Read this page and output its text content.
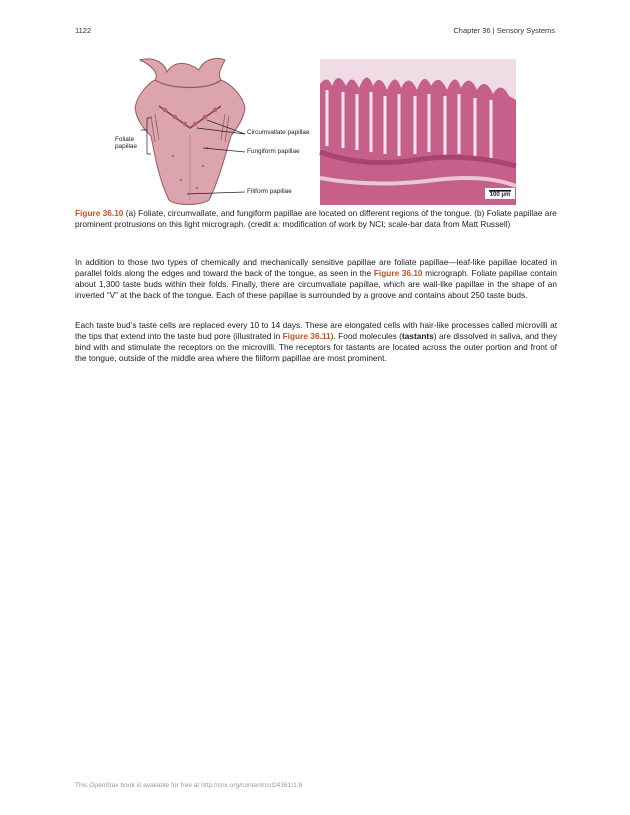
1122	Chapter 36 | Sensory Systems
Foliate papillae
Circumvallate papillae
Fungiform papillae
Filiform papillae	100 μm
Figure 36.10 (a) Foliate, circumvallate, and fungiform papillae are located on different regions of the tongue. (b) Foliate papillae are prominent protrusions on this light micrograph. (credit a: modification of work by NCI; scale-bar data from Matt Russell)

In addition to those two types of chemically and mechanically sensitive papillae are foliate papillae—leaf-like papillae located in parallel folds along the edges and toward the back of the tongue, as seen in the Figure 36.10 micrograph. Foliate papillae contain about 1,300 taste buds within their folds. Finally, there are circumvallate papillae, which are wall-like papillae in the shape of an inverted “V” at the back of the tongue. Each of these papillae is surrounded by a groove and contains about 250 taste buds.

Each taste bud’s taste cells are replaced every 10 to 14 days. These are elongated cells with hair-like processes called microvilli at the tips that extend into the taste bud pore (illustrated in Figure 36.11). Food molecules (tastants) are dissolved in saliva, and they bind with and stimulate the receptors on the microvilli. The receptors for tastants are located across the outer portion and front of the tongue, outside of the middle area where the filiform papillae are most prominent.

This OpenStax book is available for free at http://cnx.org/content/col24361/1.8
